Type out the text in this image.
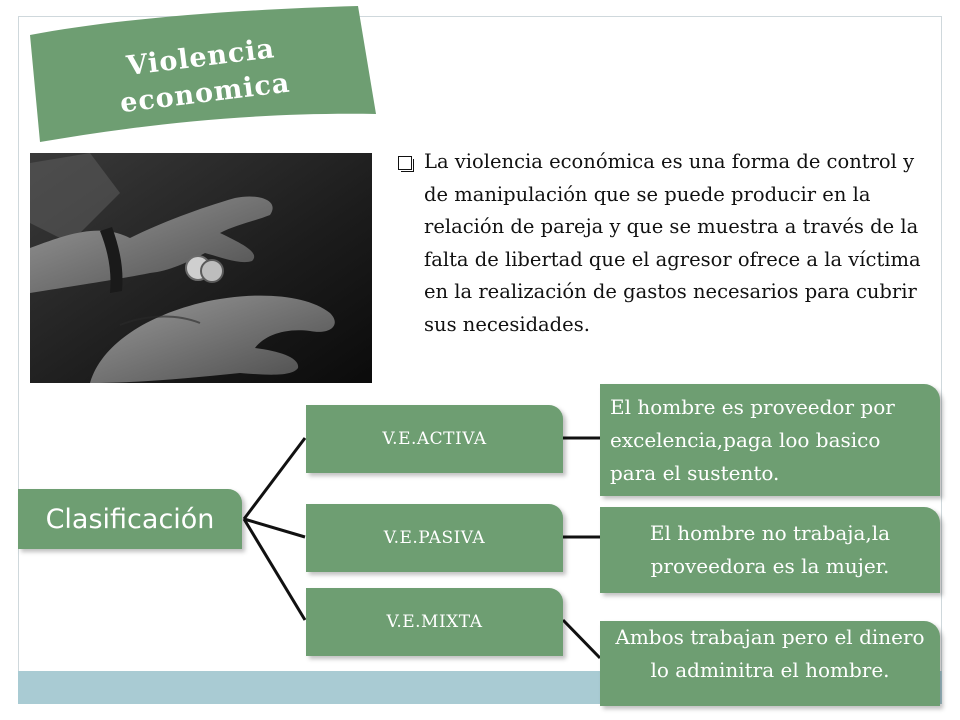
Violencia
economica
La violencia económica es una forma de control y de manipulación que se puede producir en la relación de pareja y que se muestra a través de la falta de libertad que el agresor ofrece a la víctima en la realización de gastos necesarios para cubrir sus necesidades.
Clasificación
V.E.ACTIVA
V.E.PASIVA
V.E.MIXTA
El hombre es proveedor por excelencia,paga loo basico para el sustento.
El hombre no trabaja,la proveedora es la mujer.
Ambos trabajan pero el dinero lo adminitra el hombre.
